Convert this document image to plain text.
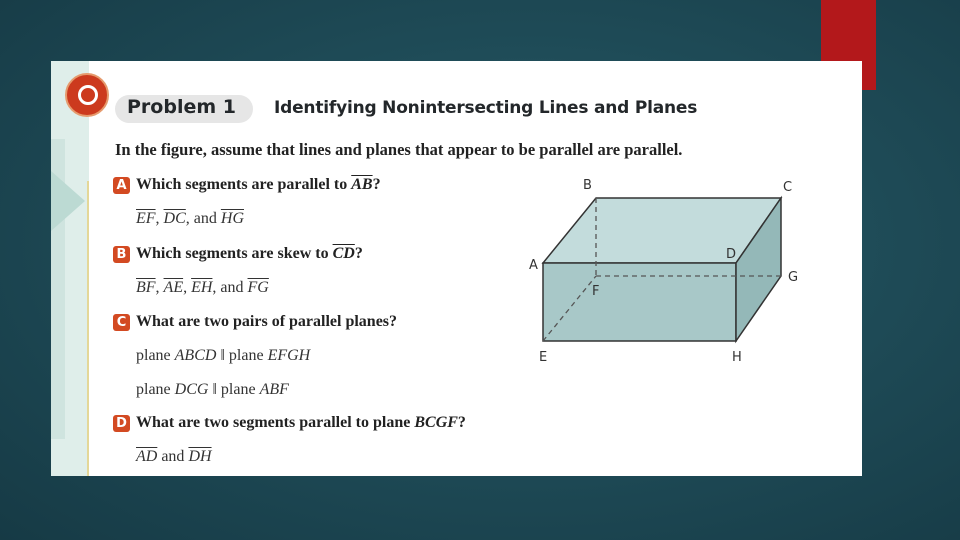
Problem 1 Identifying Nonintersecting Lines and Planes
In the figure, assume that lines and planes that appear to be parallel are parallel.
A Which segments are parallel to $\overline{AB}$?
$\overline{EF}$, $\overline{DC}$, and $\overline{HG}$
B Which segments are skew to $\overline{CD}$?
$\overline{BF}$, $\overline{AE}$, $\overline{EH}$, and $\overline{FG}$
C What are two pairs of parallel planes?
plane ABCD ‖ plane EFGH
plane DCG ‖ plane ABF
D What are two segments parallel to plane BCGF?
$\overline{AD}$ and $\overline{DH}$
B	C
A
D
G
F
E	H
